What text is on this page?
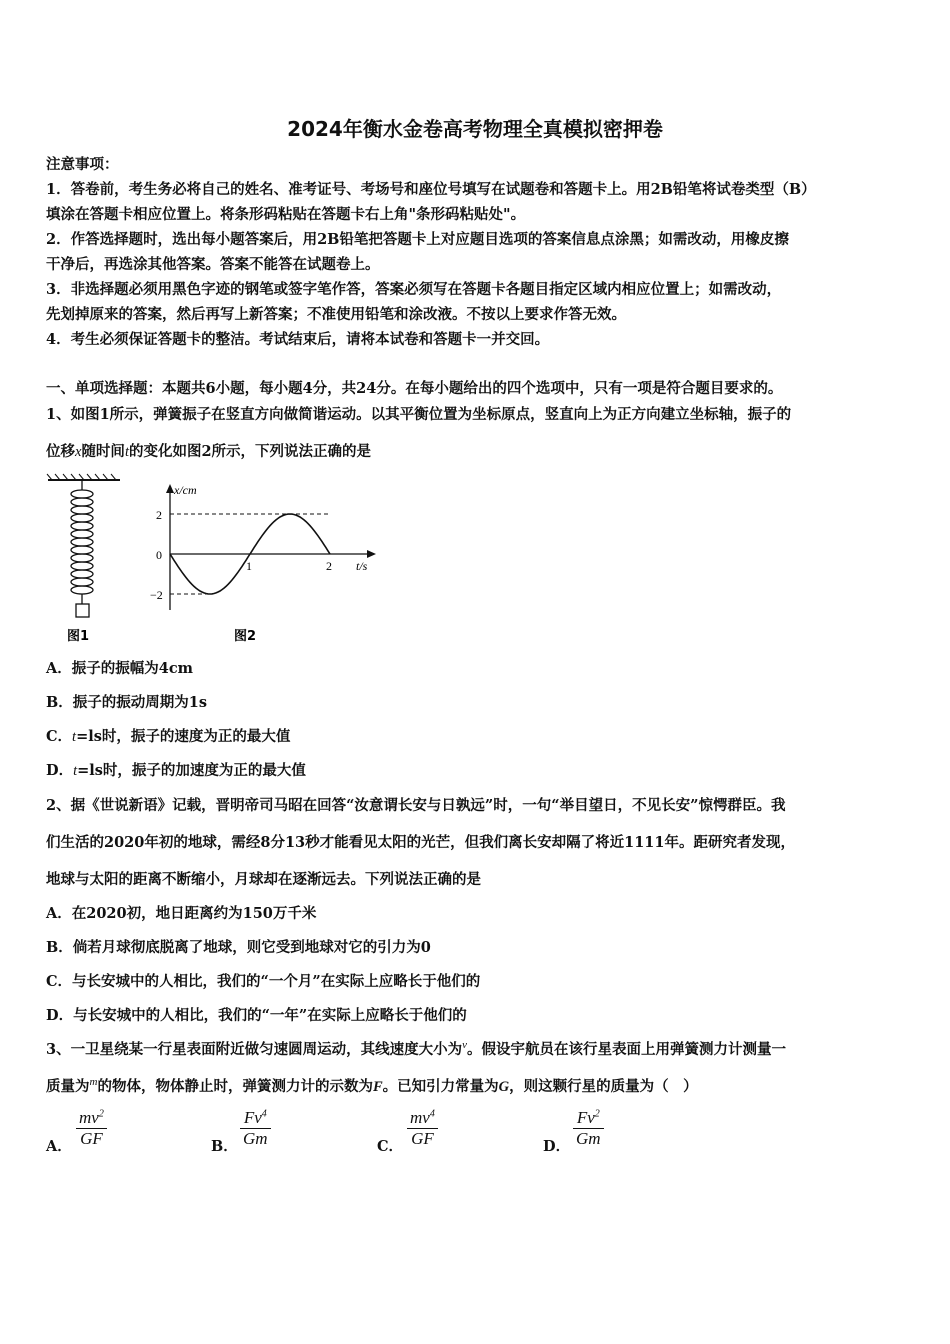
2024年衡水金卷高考物理全真模拟密押卷
注意事项：
1．答卷前，考生务必将自己的姓名、准考证号、考场号和座位号填写在试题卷和答题卡上。用2B铅笔将试卷类型（B）
填涂在答题卡相应位置上。将条形码粘贴在答题卡右上角"条形码粘贴处"。
2．作答选择题时，选出每小题答案后，用2B铅笔把答题卡上对应题目选项的答案信息点涂黑；如需改动，用橡皮擦
干净后，再选涂其他答案。答案不能答在试题卷上。
3．非选择题必须用黑色字迹的钢笔或签字笔作答，答案必须写在答题卡各题目指定区域内相应位置上；如需改动，
先划掉原来的答案，然后再写上新答案；不准使用铅笔和涂改液。不按以上要求作答无效。
4．考生必须保证答题卡的整洁。考试结束后，请将本试卷和答题卡一并交回。
一、单项选择题：本题共6小题，每小题4分，共24分。在每小题给出的四个选项中，只有一项是符合题目要求的。
1、如图1所示，弹簧振子在竖直方向做简谐运动。以其平衡位置为坐标原点，竖直向上为正方向建立坐标轴，振子的
位移x随时间t的变化如图2所示，下列说法正确的是
图1
x/cm
t/s
2
0
−2
1	2
图2
A．振子的振幅为4cm
B．振子的振动周期为1s
C．t=ls时，振子的速度为正的最大值
D．t=ls时，振子的加速度为正的最大值
2、据《世说新语》记载，晋明帝司马昭在回答“汝意谓长安与日孰远”时，一句“举目望日，不见长安”惊愕群臣。我
们生活的2020年初的地球，需经8分13秒才能看见太阳的光芒，但我们离长安却隔了将近1111年。距研究者发现，
地球与太阳的距离不断缩小，月球却在逐渐远去。下列说法正确的是
A．在2020初，地日距离约为150万千米
B．倘若月球彻底脱离了地球，则它受到地球对它的引力为0
C．与长安城中的人相比，我们的“一个月”在实际上应略长于他们的
D．与长安城中的人相比，我们的“一年”在实际上应略长于他们的
3、一卫星绕某一行星表面附近做匀速圆周运动，其线速度大小为$^v$。假设宇航员在该行星表面上用弹簧测力计测量一
质量为$^m$的物体，物体静止时，弹簧测力计的示数为F。已知引力常量为G，则这颗行星的质量为（　）
A． $\frac{mv^2}{GF}$	B． $\frac{Fv^4}{Gm}$	C． $\frac{mv^4}{GF}$	D． $\frac{Fv^2}{Gm}$
